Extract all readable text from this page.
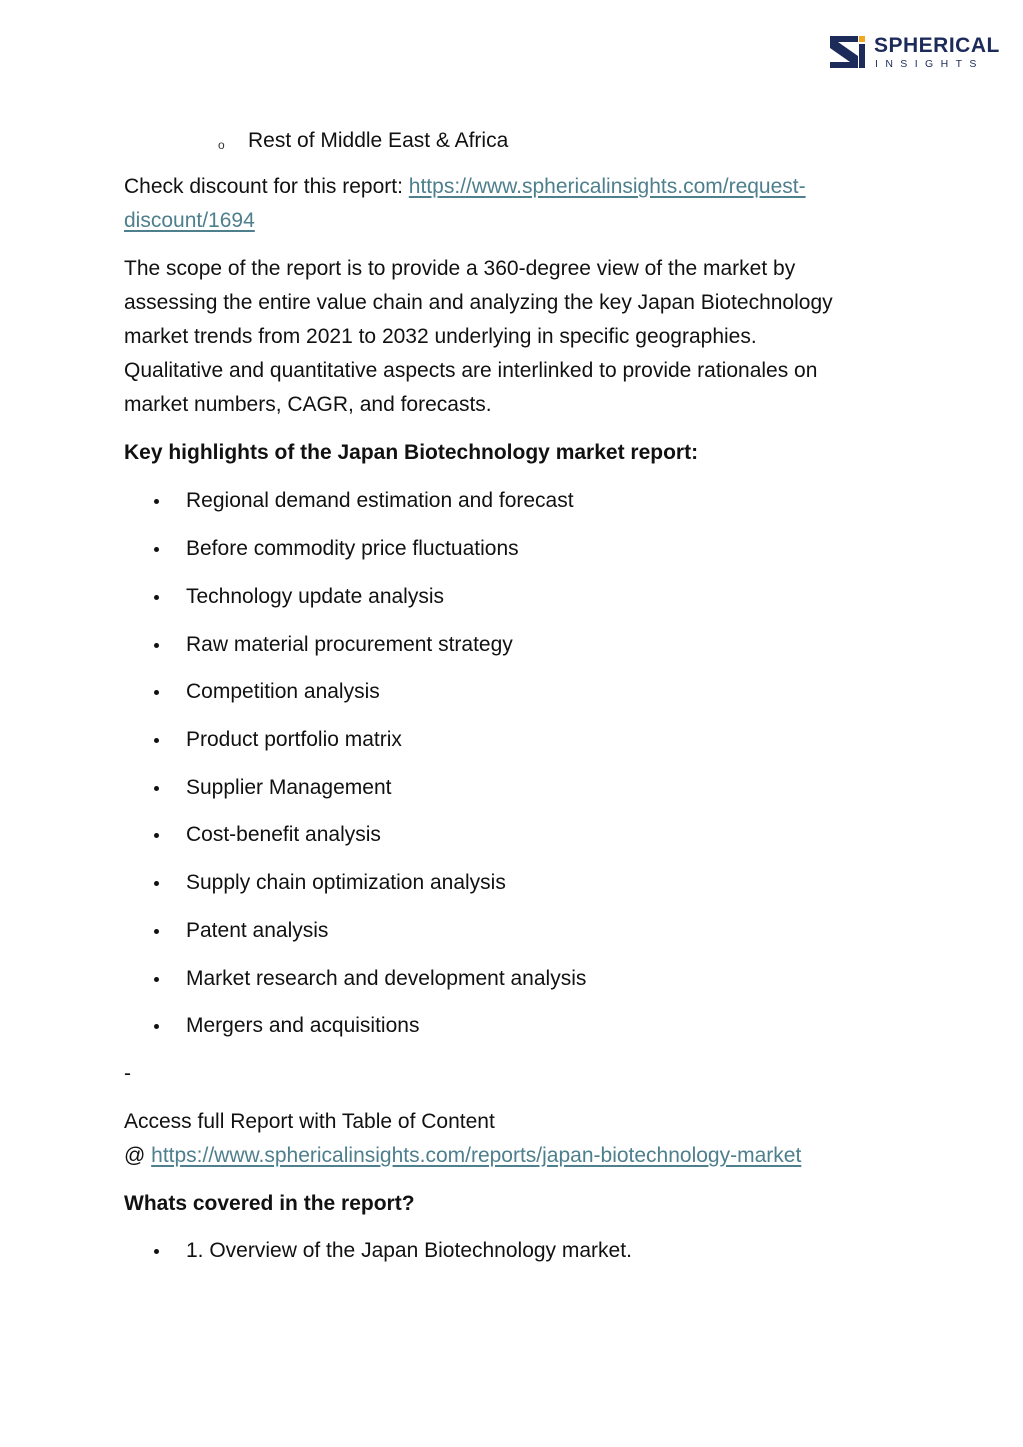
SPHERICAL
INSIGHTS
o Rest of Middle East & Africa
Check discount for this report: https://www.sphericalinsights.com/request-
discount/1694
The scope of the report is to provide a 360-degree view of the market by
assessing the entire value chain and analyzing the key Japan Biotechnology
market trends from 2021 to 2032 underlying in specific geographies.
Qualitative and quantitative aspects are interlinked to provide rationales on
market numbers, CAGR, and forecasts.
Key highlights of the Japan Biotechnology market report:
Regional demand estimation and forecast
Before commodity price fluctuations
Technology update analysis
Raw material procurement strategy
Competition analysis
Product portfolio matrix
Supplier Management
Cost-benefit analysis
Supply chain optimization analysis
Patent analysis
Market research and development analysis
Mergers and acquisitions
-
Access full Report with Table of Content
@ https://www.sphericalinsights.com/reports/japan-biotechnology-market
Whats covered in the report?
1. Overview of the Japan Biotechnology market.
